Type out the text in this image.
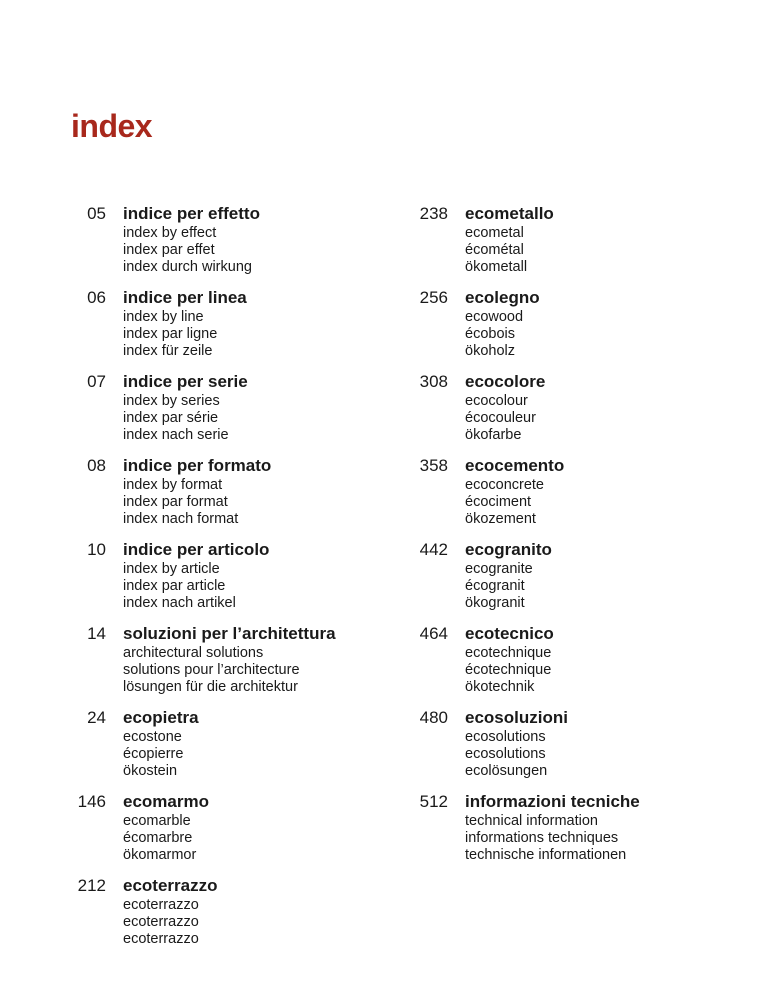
index
05 indice per effetto
index by effect
index par effet
index durch wirkung
06 indice per linea
index by line
index par ligne
index für zeile
07 indice per serie
index by series
index par série
index nach serie
08 indice per formato
index by format
index par format
index nach format
10 indice per articolo
index by article
index par article
index nach artikel
14 soluzioni per l’architettura
architectural solutions
solutions pour l’architecture
lösungen für die architektur
24 ecopietra
ecostone
écopierre
ökostein
146 ecomarmo
ecomarble
écomarbre
ökomarmor
212 ecoterrazzo
ecoterrazzo
ecoterrazzo
ecoterrazzo
238 ecometallo
ecometal
écométal
ökometall
256 ecolegno
ecowood
écobois
ökoholz
308 ecocolore
ecocolour
écocouleur
ökofarbe
358 ecocemento
ecoconcrete
écociment
ökozement
442 ecogranito
ecogranite
écogranit
ökogranit
464 ecotecnico
ecotechnique
écotechnique
ökotechnik
480 ecosoluzioni
ecosolutions
ecosolutions
ecolösungen
512 informazioni tecniche
technical information
informations techniques
technische informationen
